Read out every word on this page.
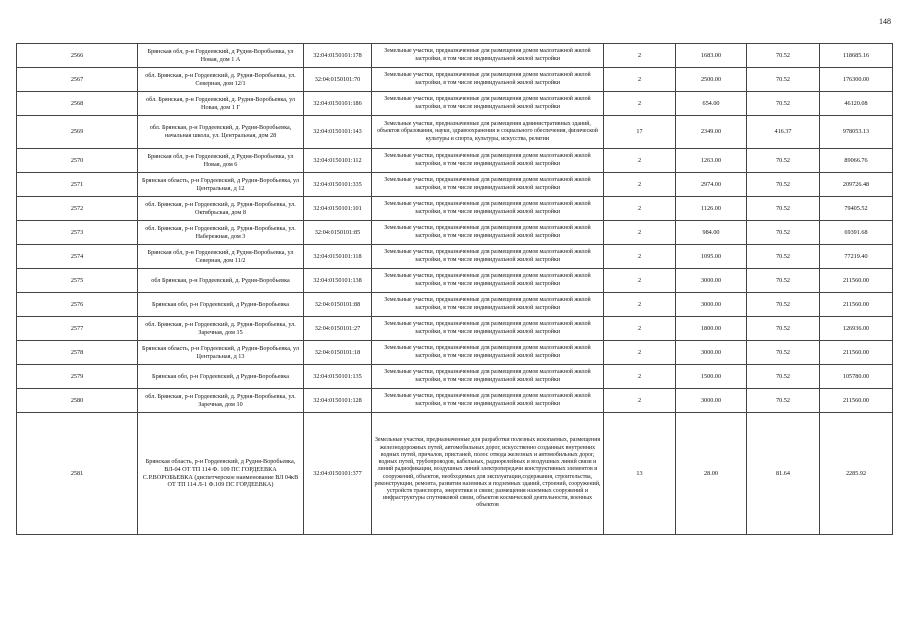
148
2566	Брянская обл, р-н Гордеевский, д Рудня-Воробьевка, ул Новая, дом 1 А	32:04:0150101:178	Земельные участки, предназначенные для размещения домов малоэтажной жилой застройки, в том числе индивидуальной жилой застройки	2	1683.00	70.52	118685.16
2567	обл. Брянская, р-н Гордеевский, д. Рудня-Воробьевка, ул. Северная, дом 12/1	32:04:0150101:70	Земельные участки, предназначенные для размещения домов малоэтажной жилой застройки, в том числе индивидуальной жилой застройки	2	2500.00	70.52	176300.00
2568	обл. Брянская, р-н Гордеевский, д. Рудня-Воробьевка, ул Новая, дом 1 Г	32:04:0150101:186	Земельные участки, предназначенные для размещения домов малоэтажной жилой застройки, в том числе индивидуальной жилой застройки	2	654.00	70.52	46120.08
2569	обл. Брянская, р-н Гордеевский, д. Рудня-Воробьевка, начальная школа, ул. Центральная, дом 28	32:04:0150101:143	Земельные участки, предназначенные для размещения административных зданий, объектов образования, науки, здравоохранения и социального обеспечения, физической культуры и спорта, культуры, искусства, религии	17	2349.00	416.37	978053.13
2570	Брянская обл, р-н Гордеевский, д Рудня-Воробьевка, ул Новая, дом 6	32:04:0150101:112	Земельные участки, предназначенные для размещения домов малоэтажной жилой застройки, в том числе индивидуальной жилой застройки	2	1263.00	70.52	89066.76
2571	Брянская область, р-н Гордеевский, д Рудня-Воробьевка, ул Центральная, д 12	32:04:0150101:335	Земельные участки, предназначенные для размещения домов малоэтажной жилой застройки, в том числе индивидуальной жилой застройки	2	2974.00	70.52	209726.48
2572	обл. Брянская, р-н Гордеевский, д. Рудня-Воробьевка, ул. Октябрьская, дом 8	32:04:0150101:101	Земельные участки, предназначенные для размещения домов малоэтажной жилой застройки, в том числе индивидуальной жилой застройки	2	1126.00	70.52	79405.52
2573	обл. Брянская, р-н Гордеевский, д. Рудня-Воробьевка, ул. Набережная, дом 3	32:04:0150101:85	Земельные участки, предназначенные для размещения домов малоэтажной жилой застройки, в том числе индивидуальной жилой застройки	2	984.00	70.52	69391.68
2574	Брянская обл, р-н Гордеевский, д Рудня-Воробьевка, ул Северная, дом 11/2	32:04:0150101:118	Земельные участки, предназначенные для размещения домов малоэтажной жилой застройки, в том числе индивидуальной жилой застройки	2	1095.00	70.52	77219.40
2575	обл Брянская, р-н Гордеевский, д. Рудня-Воробьевка	32:04:0150101:138	Земельные участки, предназначенные для размещения домов малоэтажной жилой застройки, в том числе индивидуальной жилой застройки	2	3000.00	70.52	211560.00
2576	Брянская обл, р-н Гордеевский, д Рудня-Воробьевка	32:04:0150101:88	Земельные участки, предназначенные для размещения домов малоэтажной жилой застройки, в том числе индивидуальной жилой застройки	2	3000.00	70.52	211560.00
2577	обл. Брянская, р-н Гордеевский, д. Рудня-Воробьевка, ул. Заречная, дом 15	32:04:0150101:27	Земельные участки, предназначенные для размещения домов малоэтажной жилой застройки, в том числе индивидуальной жилой застройки	2	1800.00	70.52	126936.00
2578	Брянская область, р-н Гордеевский, д Рудня-Воробьевка, ул Центральная, д 13	32:04:0150101:18	Земельные участки, предназначенные для размещения домов малоэтажной жилой застройки, в том числе индивидуальной жилой застройки	2	3000.00	70.52	211560.00
2579	Брянская обл, р-н Гордеевский, д Рудня-Воробьевка	32:04:0150101:135	Земельные участки, предназначенные для размещения домов малоэтажной жилой застройки, в том числе индивидуальной жилой застройки	2	1500.00	70.52	105780.00
2580	обл. Брянская, р-н Гордеевский, д. Рудня-Воробьевка, ул. Заречная, дом 10	32:04:0150101:128	Земельные участки, предназначенные для размещения домов малоэтажной жилой застройки, в том числе индивидуальной жилой застройки	2	3000.00	70.52	211560.00
2581	Брянская область, р-н Гордеевский, д Рудня-Воробьевка, ВЛ-04 ОТ ТП 114 Ф. 109 ПС ГОРДЕЕВКА С.Р.ВОРОБЬЕВКА (диспетчерское наименование ВЛ 04кВ ОТ ТП 114 Л-1 Ф.109 ПС ГОРДЕЕВКА)	32:04:0150101:377	Земельные участки, предназначенные для разработки полезных ископаемых, размещения железнодорожных путей, автомобильных дорог, искусственно созданных внутренних водных путей, причалов, пристаней, полос отвода железных и автомобильных дорог, водных путей, трубопроводов, кабельных, радиорелейных и воздушных линий связи и линий радиофикации, воздушных линий электропередачи конструктивных элементов и сооружений, объектов, необходимых для эксплуатации,содержания, строительства, реконструкции, ремонта, развития наземных и подземных зданий, строений, сооружений, устройств транспорта, энергетики и связи; размещения наземных сооружений и инфраструктуры спутниковой связи, объектов космической деятельности, военных объектов	13	28.00	81.64	2285.92
